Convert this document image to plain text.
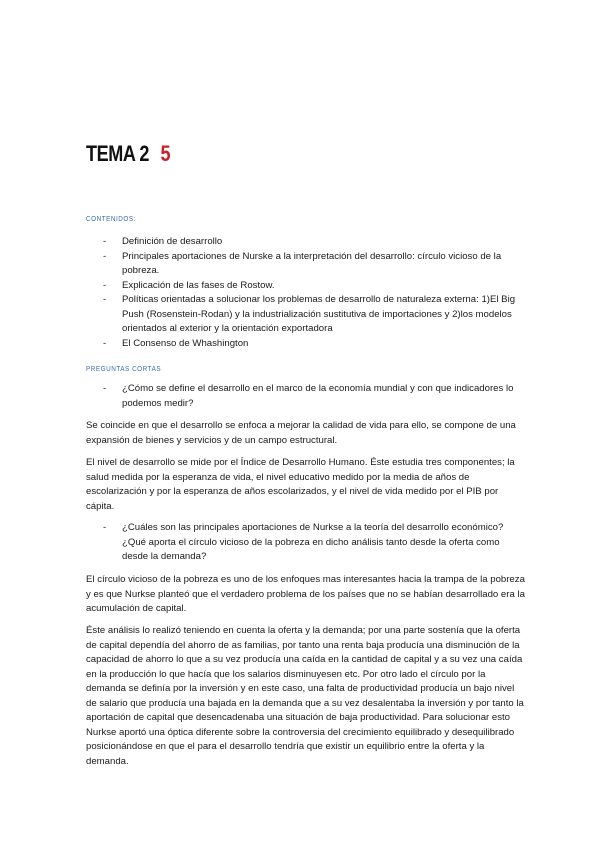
TEMA 2 5
CONTENIDOS:
- Definición de desarrollo
- Principales aportaciones de Nurske a la interpretación del desarrollo: círculo vicioso de la pobreza.
- Explicación de las fases de Rostow.
- Políticas orientadas a solucionar los problemas de desarrollo de naturaleza externa: 1)El Big Push (Rosenstein-Rodan) y la industrialización sustitutiva de importaciones y 2)los modelos orientados al exterior y la orientación exportadora
- El Consenso de Whashington
PREGUNTAS CORTAS
- ¿Cómo se define el desarrollo en el marco de la economía mundial y con que indicadores lo podemos medir?
Se coincide en que el desarrollo se enfoca a mejorar la calidad de vida para ello, se compone de una expansión de bienes y servicios y de un campo estructural.
El nivel de desarrollo se mide por el Índice de Desarrollo Humano. Éste estudia tres componentes; la salud medida por la esperanza de vida, el nivel educativo medido por la media de años de escolarización y por la esperanza de años escolarizados, y el nivel de vida medido por el PIB por cápita.
- ¿Cuáles son las principales aportaciones de Nurkse a la teoría del desarrollo económico? ¿Qué aporta el círculo vicioso de la pobreza en dicho análisis tanto desde la oferta como desde la demanda?
El círculo vicioso de la pobreza es uno de los enfoques mas interesantes hacia la trampa de la pobreza y es que Nurkse planteó que el verdadero problema de los países que no se habían desarrollado era la acumulación de capital.
Éste análisis lo realizó teniendo en cuenta la oferta y la demanda; por una parte sostenía que la oferta de capital dependía del ahorro de as familias, por tanto una renta baja producía una disminución de la capacidad de ahorro lo que a su vez producía una caída en la cantidad de capital y a su vez una caída en la producción lo que hacía que los salarios disminuyesen etc. Por otro lado el círculo por la demanda se definía por la inversión y en este caso, una falta de productividad producía un bajo nivel de salario que producía una bajada en la demanda que a su vez desalentaba la inversión y por tanto la aportación de capital que desencadenaba una situación de baja productividad. Para solucionar esto Nurkse aportó una óptica diferente sobre la controversia del crecimiento equilibrado y desequilibrado posicionándose en que el para el desarrollo tendría que existir un equilibrio entre la oferta y la demanda.
